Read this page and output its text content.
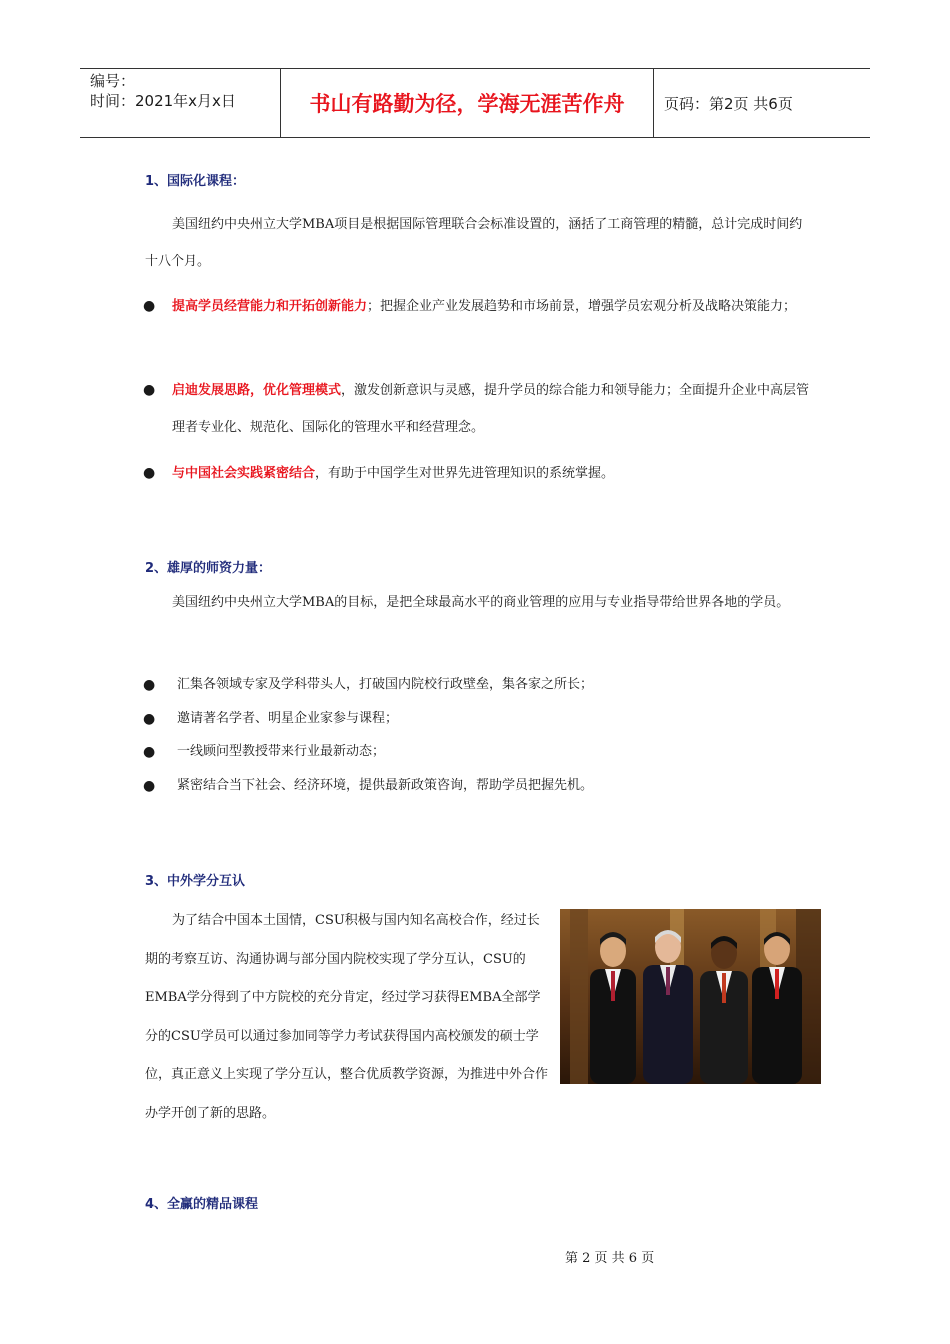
编号：
时间：2021年x月x日	书山有路勤为径，学海无涯苦作舟	页码：第2页 共6页
1、国际化课程：
美国纽约中央州立大学MBA项目是根据国际管理联合会标准设置的，涵括了工商管理的精髓，总计完成时间约十八个月。
● 提高学员经营能力和开拓创新能力；把握企业产业发展趋势和市场前景，增强学员宏观分析及战略决策能力；
● 启迪发展思路，优化管理模式，激发创新意识与灵感，提升学员的综合能力和领导能力；全面提升企业中高层管理者专业化、规范化、国际化的管理水平和经营理念。
● 与中国社会实践紧密结合，有助于中国学生对世界先进管理知识的系统掌握。
2、雄厚的师资力量：
美国纽约中央州立大学MBA的目标，是把全球最高水平的商业管理的应用与专业指导带给世界各地的学员。
● 汇集各领域专家及学科带头人，打破国内院校行政壁垒，集各家之所长；
● 邀请著名学者、明星企业家参与课程；
● 一线顾问型教授带来行业最新动态；
● 紧密结合当下社会、经济环境，提供最新政策咨询，帮助学员把握先机。
3、中外学分互认
为了结合中国本土国情，CSU积极与国内知名高校合作，经过长期的考察互访、沟通协调与部分国内院校实现了学分互认，CSU的EMBA学分得到了中方院校的充分肯定，经过学习获得EMBA全部学分的CSU学员可以通过参加同等学力考试获得国内高校颁发的硕士学位，真正意义上实现了学分互认，整合优质教学资源，为推进中外合作办学开创了新的思路。
4、全赢的精品课程
第 2 页 共 6 页
